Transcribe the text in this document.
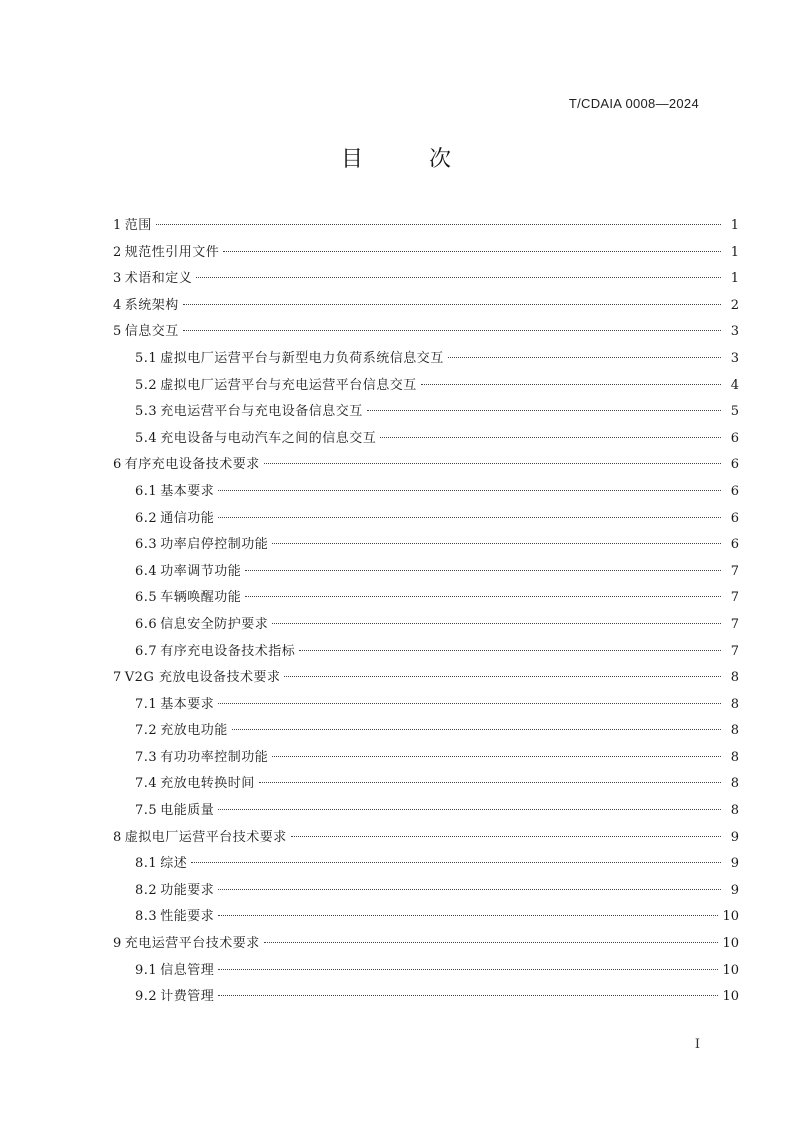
T/CDAIA 0008—2024
目　次
1 范围	1
2 规范性引用文件	1
3 术语和定义	1
4 系统架构	2
5 信息交互	3
5.1 虚拟电厂运营平台与新型电力负荷系统信息交互	3
5.2 虚拟电厂运营平台与充电运营平台信息交互	4
5.3 充电运营平台与充电设备信息交互	5
5.4 充电设备与电动汽车之间的信息交互	6
6 有序充电设备技术要求	6
6.1 基本要求	6
6.2 通信功能	6
6.3 功率启停控制功能	6
6.4 功率调节功能	7
6.5 车辆唤醒功能	7
6.6 信息安全防护要求	7
6.7 有序充电设备技术指标	7
7 V2G 充放电设备技术要求	8
7.1 基本要求	8
7.2 充放电功能	8
7.3 有功功率控制功能	8
7.4 充放电转换时间	8
7.5 电能质量	8
8 虚拟电厂运营平台技术要求	9
8.1 综述	9
8.2 功能要求	9
8.3 性能要求	10
9 充电运营平台技术要求	10
9.1 信息管理	10
9.2 计费管理	10
I
